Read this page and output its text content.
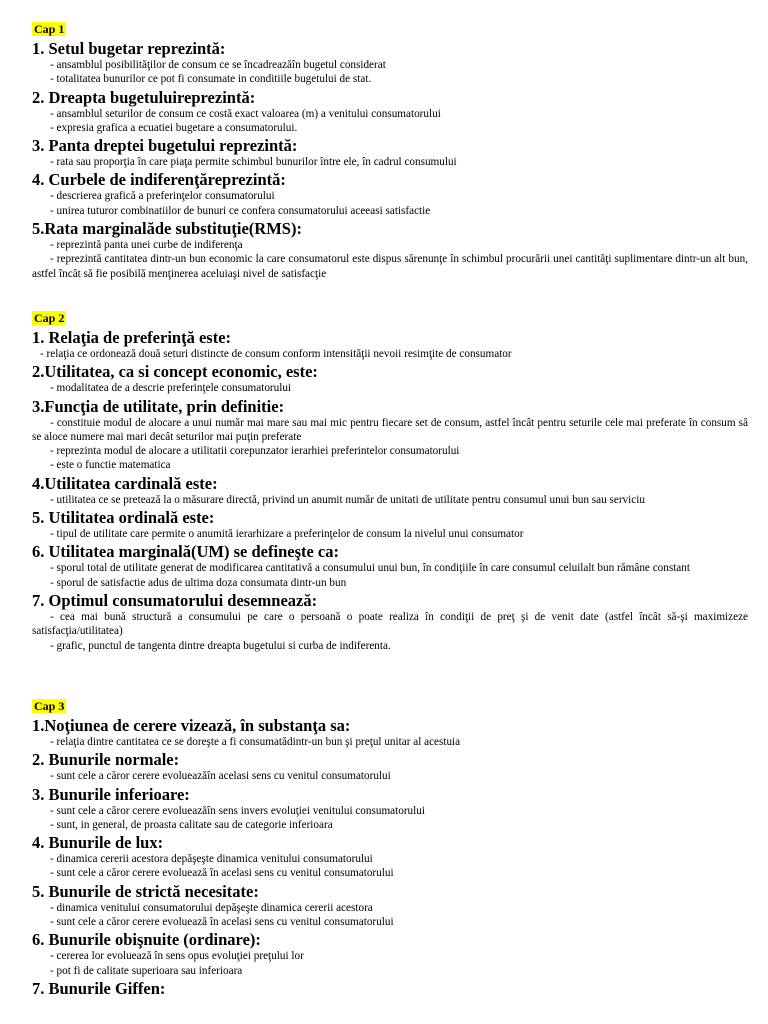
Cap 1
1. Setul bugetar reprezintă:
- ansamblul posibilităţilor de consum ce se încadreazăîn bugetul considerat
- totalitatea bunurilor ce pot fi consumate in conditiile bugetului de stat.
2. Dreapta bugetuluireprezintă:
- ansamblul seturilor de consum ce costă exact valoarea (m) a venitului consumatorului
- expresia grafica a ecuatiei bugetare a consumatorului.
3. Panta dreptei bugetului reprezintă:
- rata sau proporţia în care piaţa permite schimbul bunurilor între ele, în cadrul consumului
4. Curbele de indiferenţăreprezintă:
- descrierea grafică a preferinţelor consumatorului
- unirea tuturor combinatiilor de bunuri ce confera consumatorului aceeasi satisfactie
5.Rata marginalăde substituţie(RMS):
- reprezintă panta unei curbe de indiferenţa
- reprezintă cantitatea dintr-un bun economic la care consumatorul este dispus sărenunţe în schimbul procurării unei cantităţi suplimentare dintr-un alt bun, astfel încât să fie posibilă menţinerea aceluiaşi nivel de satisfacţie
Cap 2
1. Relaţia de preferinţă este:
- relaţia ce ordonează două seturi distincte de consum conform intensităţii nevoii resimţite de consumator
2.Utilitatea, ca si concept economic, este:
- modalitatea de a descrie preferinţele consumatorului
3.Funcţia de utilitate, prin definitie:
- constituie modul de alocare a unui număr mai mare sau mai mic pentru fiecare set de consum, astfel încât pentru seturile cele mai preferate în consum să se aloce numere mai mari decât seturilor mai puţin preferate
- reprezinta modul de alocare a utilitatii corepunzator ierarhiei preferintelor consumatorului
- este o functie matematica
4.Utilitatea cardinală este:
- utilitatea ce se pretează la o măsurare directă, privind un anumit număr de unitati de utilitate pentru consumul unui bun sau serviciu
5. Utilitatea ordinală este:
- tipul de utilitate care permite o anumită ierarhizare a preferinţelor de consum la nivelul unui consumator
6. Utilitatea marginală(UM) se defineşte ca:
- sporul total de utilitate generat de modificarea cantitativă a consumului unui bun, în condiţiile în care consumul celuilalt bun rămâne constant
- sporul de satisfactie adus de ultima doza consumata dintr-un bun
7. Optimul consumatorului desemnează:
- cea mai bună structură a consumului pe care o persoană o poate realiza în condiţii de preţ şi de venit date (astfel încât să-şi maximizeze satisfacţia/utilitatea)
- grafic, punctul de tangenta dintre dreapta bugetului si curba de indiferenta.
Cap 3
1.Noţiunea de cerere vizează, în substanţa sa:
- relaţia dintre cantitatea ce se doreşte a fi consumatădintr-un bun şi preţul unitar al acestuia
2. Bunurile normale:
- sunt cele a căror cerere evolueazăîn acelasi sens cu venitul consumatorului
3. Bunurile inferioare:
- sunt cele a căror cerere evolueazăîn sens invers evoluţiei venitului consumatorului
- sunt, in general, de proasta calitate sau de categorie inferioara
4. Bunurile de lux:
- dinamica cererii acestora depăşeşte dinamica venitului consumatorului
- sunt cele a căror cerere evoluează în acelasi sens cu venitul consumatorului
5. Bunurile de strictă necesitate:
- dinamica venitului consumatorului depăşeşte dinamica cererii acestora
- sunt cele a căror cerere evoluează în acelasi sens cu venitul consumatorului
6. Bunurile obişnuite (ordinare):
- cererea lor evoluează în sens opus evoluţiei preţului lor
- pot fi de calitate superioara sau inferioara
7. Bunurile Giffen:
